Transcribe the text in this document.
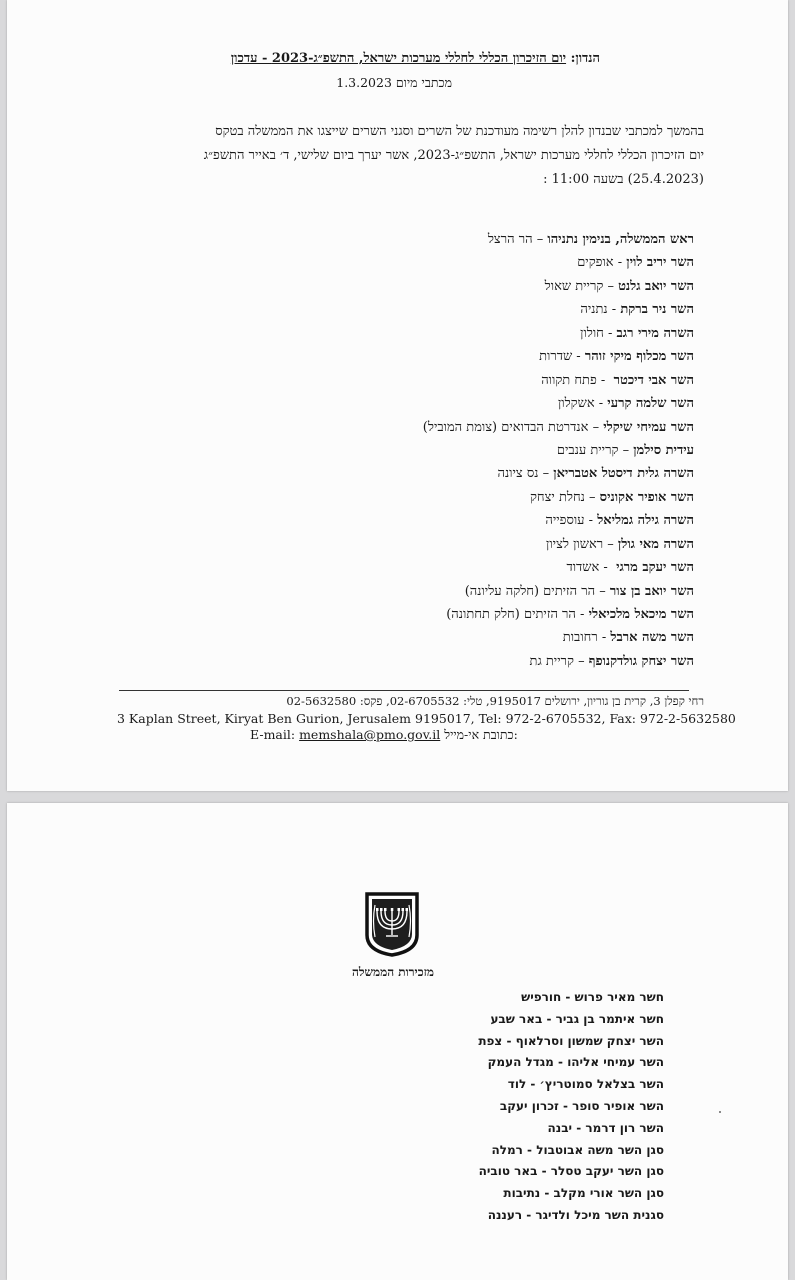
הנדון: יום הזיכרון הכללי לחללי מערכות ישראל, התשפ״ג-2023 - עדכון
מכתבי מיום 1.3.2023
בהמשך למכתבי שבנדון להלן רשימה מעודכנת של השרים וסגני השרים שייצגו את הממשלה בטקס
יום הזיכרון הכללי לחללי מערכות ישראל, התשפ״ג-2023, אשר יערך ביום שלישי, ד׳ באייר התשפ״ג
(25.4.2023) בשעה 11:00 :
ראש הממשלה, בנימין נתניהו – הר הרצל
השר יריב לוין - אופקים
השר יואב גלנט – קריית שאול
השר ניר ברקת - נתניה
השרה מירי רגב - חולון
השר מכלוף מיקי זוהר - שדרות
השר אבי דיכטר  - פתח תקווה
השר שלמה קרעי - אשקלון
השר עמיחי שיקלי – אנדרטת הבדואים (צומת המוביל)
עידית סילמן – קריית ענבים
השרה גלית דיסטל אטבריאן – נס ציונה
השר אופיר אקוניס – נחלת יצחק
השרה גילה גמליאל - עוספייה
השרה מאי גולן – ראשון לציון
השר יעקב מרגי  - אשדוד
השר יואב בן צור – הר הזיתים (חלקה עליונה)
השר מיכאל מלכיאלי - הר הזיתים (חלק תחתונה)
השר משה ארבל - רחובות
השר יצחק גולדקנופף – קריית גת
רחי קפלן 3, קרית בן גוריון, ירושלים 9195017, טלי: 02-6705532, פקס: 02-5632580
3 Kaplan Street, Kiryat Ben Gurion, Jerusalem 9195017, Tel: 972-2-6705532, Fax: 972-2-5632580
E-mail: memshala@pmo.gov.il כתובת אי-מייל:
מזכירות הממשלה
חשר מאיר פרוש - חורפיש
חשר איתמר בן גביר - באר שבע
השר יצחק שמשון וסרלאוף - צפת
השר עמיחי אליהו - מגדל העמק
השר בצלאל סמוטריץ׳ - לוד
השר אופיר סופר - זכרון יעקב
השר רון דרמר - יבנה
סגן השר משה אבוטבול - רמלה
סגן השר יעקב טסלר - באר טוביה
סגן השר אורי מקלב - נתיבות
סגנית השר מיכל ולדיגר - רעננה
